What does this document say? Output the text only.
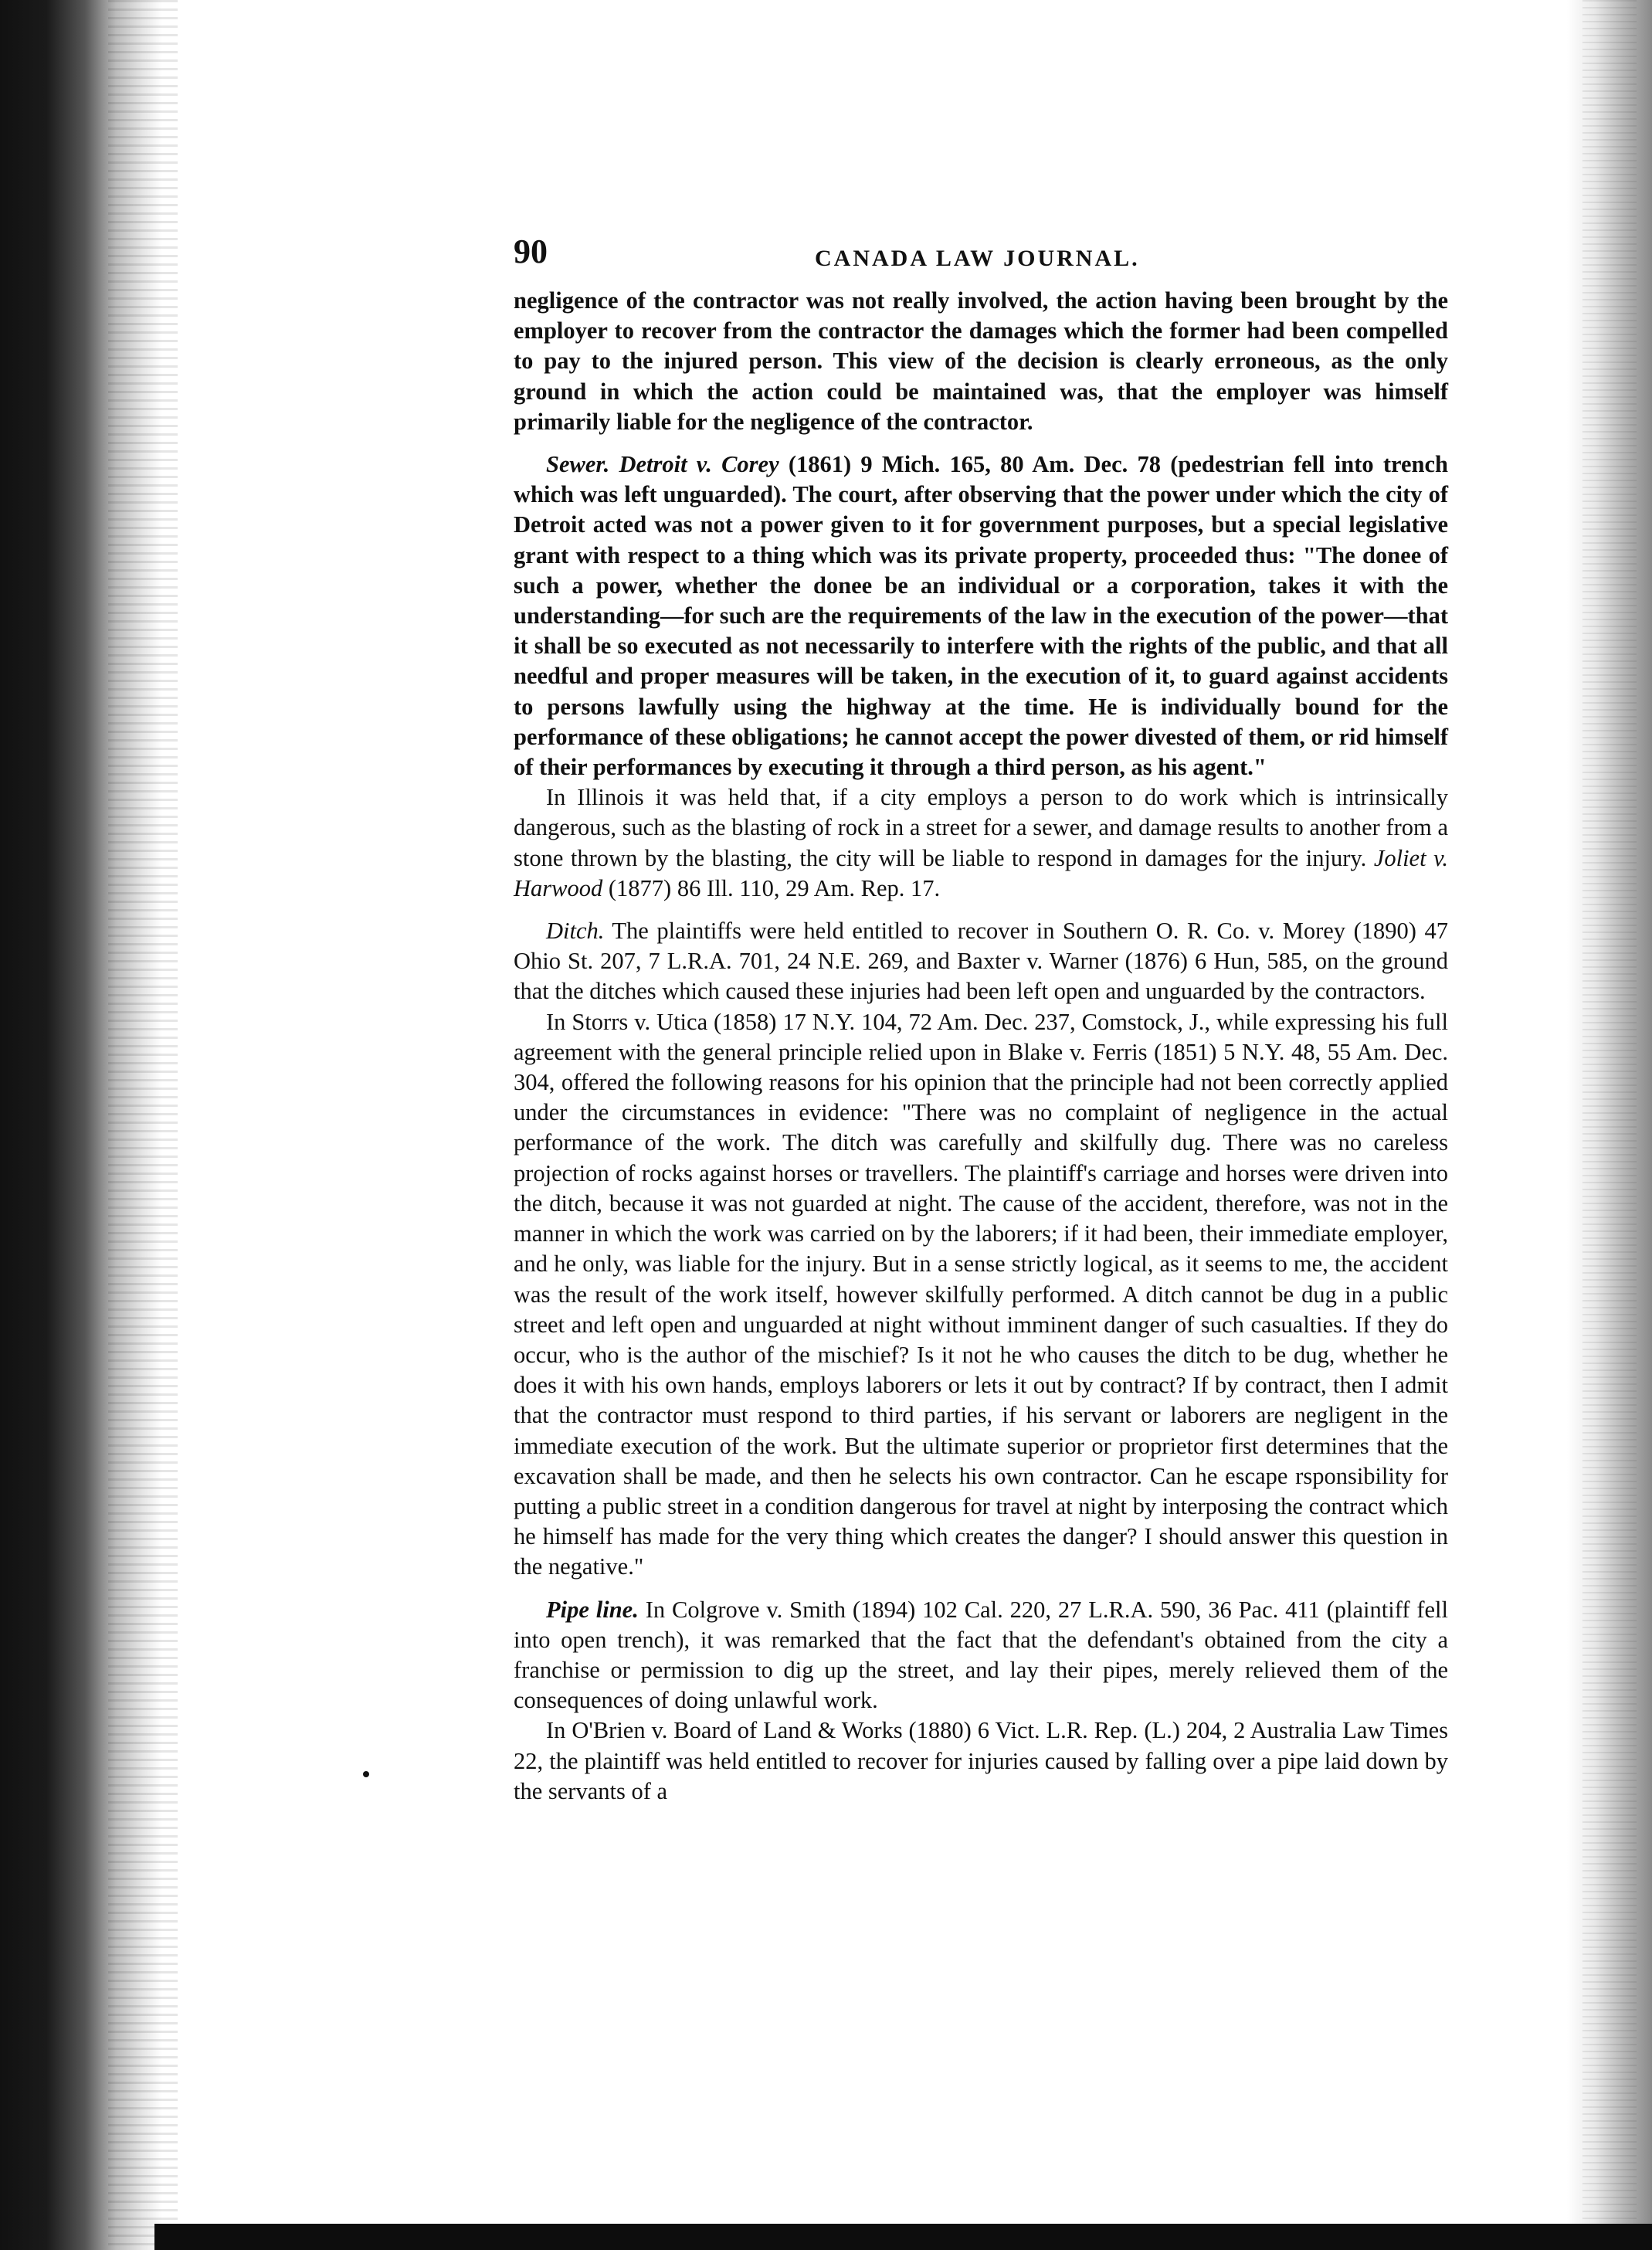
90	CANADA LAW JOURNAL.

negligence of the contractor was not really involved, the action having been brought by the employer to recover from the contractor the damages which the former had been compelled to pay to the injured person. This view of the decision is clearly erroneous, as the only ground in which the action could be maintained was, that the employer was himself primarily liable for the negligence of the contractor.

Sewer. Detroit v. Corey (1861) 9 Mich. 165, 80 Am. Dec. 78 (pedestrian fell into trench which was left unguarded). The court, after observing that the power under which the city of Detroit acted was not a power given to it for government purposes, but a special legislative grant with respect to a thing which was its private property, proceeded thus: "The donee of such a power, whether the donee be an individual or a corporation, takes it with the understanding—for such are the requirements of the law in the execution of the power—that it shall be so executed as not necessarily to interfere with the rights of the public, and that all needful and proper measures will be taken, in the execution of it, to guard against accidents to persons lawfully using the highway at the time. He is individually bound for the performance of these obligations; he cannot accept the power divested of them, or rid himself of their performances by executing it through a third person, as his agent."

In Illinois it was held that, if a city employs a person to do work which is intrinsically dangerous, such as the blasting of rock in a street for a sewer, and damage results to another from a stone thrown by the blasting, the city will be liable to respond in damages for the injury. Joliet v. Harwood (1877) 86 Ill. 110, 29 Am. Rep. 17.

Ditch. The plaintiffs were held entitled to recover in Southern O. R. Co. v. Morey (1890) 47 Ohio St. 207, 7 L.R.A. 701, 24 N.E. 269, and Baxter v. Warner (1876) 6 Hun, 585, on the ground that the ditches which caused these injuries had been left open and unguarded by the contractors.

In Storrs v. Utica (1858) 17 N.Y. 104, 72 Am. Dec. 237, Comstock, J., while expressing his full agreement with the general principle relied upon in Blake v. Ferris (1851) 5 N.Y. 48, 55 Am. Dec. 304, offered the following reasons for his opinion that the principle had not been correctly applied under the circumstances in evidence: "There was no complaint of negligence in the actual performance of the work. The ditch was carefully and skilfully dug. There was no careless projection of rocks against horses or travellers. The plaintiff's carriage and horses were driven into the ditch, because it was not guarded at night. The cause of the accident, therefore, was not in the manner in which the work was carried on by the laborers; if it had been, their immediate employer, and he only, was liable for the injury. But in a sense strictly logical, as it seems to me, the accident was the result of the work itself, however skilfully performed. A ditch cannot be dug in a public street and left open and unguarded at night without imminent danger of such casualties. If they do occur, who is the author of the mischief? Is it not he who causes the ditch to be dug, whether he does it with his own hands, employs laborers or lets it out by contract? If by contract, then I admit that the contractor must respond to third parties, if his servant or laborers are negligent in the immediate execution of the work. But the ultimate superior or proprietor first determines that the excavation shall be made, and then he selects his own contractor. Can he escape rsponsibility for putting a public street in a condition dangerous for travel at night by interposing the contract which he himself has made for the very thing which creates the danger? I should answer this question in the negative."

Pipe line. In Colgrove v. Smith (1894) 102 Cal. 220, 27 L.R.A. 590, 36 Pac. 411 (plaintiff fell into open trench), it was remarked that the fact that the defendant's obtained from the city a franchise or permission to dig up the street, and lay their pipes, merely relieved them of the consequences of doing unlawful work.

In O'Brien v. Board of Land & Works (1880) 6 Vict. L.R. Rep. (L.) 204, 2 Australia Law Times 22, the plaintiff was held entitled to recover for injuries caused by falling over a pipe laid down by the servants of a
